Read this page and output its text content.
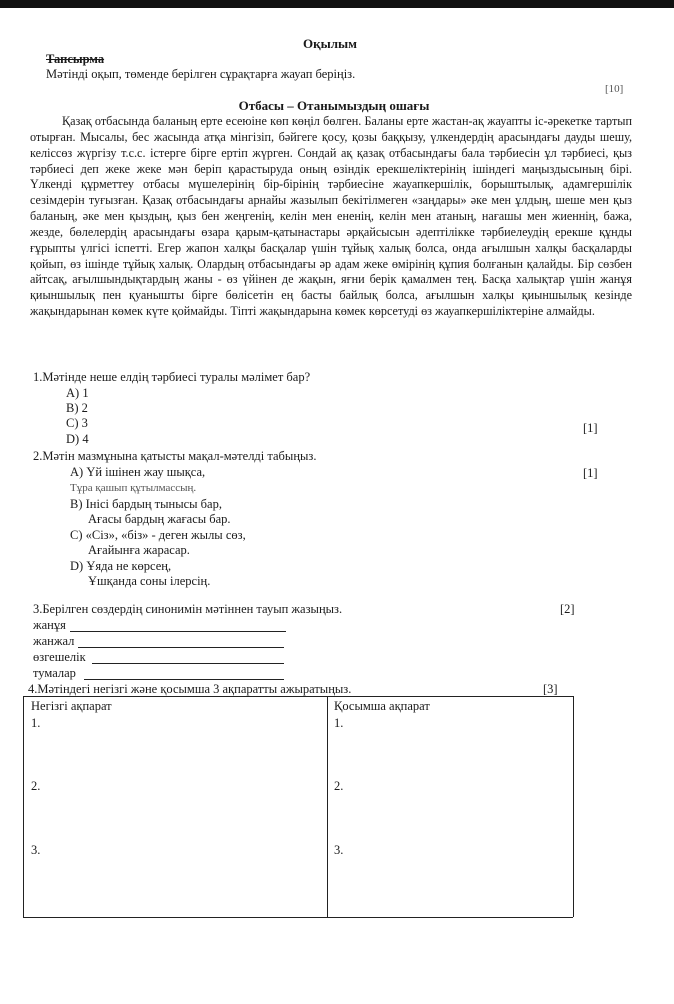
Оқылым
Тапсырма
Мәтінді оқып, төменде берілген сұрақтарға жауап беріңіз.
[10]
Отбасы – Отанымыздың ошағы
Қазақ отбасында баланың ерте есеюіне көп көңіл бөлген. Баланы ерте жастан-ақ жауапты іс-әрекетке тартып отырған. Мысалы, бес жасында атқа мінгізіп, бәйгеге қосу, қозы баққызу, үлкендердің арасындағы дауды шешу, келіссөз жүргізу т.с.с. істерге бірге ертіп жүрген. Сондай ақ қазақ отбасындағы бала тәрбиесін ұл тәрбиесі, қыз тәрбиесі деп жеке жеке мән беріп қарастыруда оның өзіндік ерекшеліктерінің ішіндегі маңыздысының бірі. Үлкенді құрметтеу отбасы мүшелерінің бір-бірінің тәрбиесіне жауапкершілік, борыштылық, адамгершілік сезімдерін туғызған. Қазақ отбасындағы арнайы жазылып бекітілмеген «заңдары» әке мен ұлдың, шеше мен қыз баланың, әке мен қыздың, қыз бен жеңгенің, келін мен ененің, келін мен атаның, нағашы мен жиеннің, бажа, жезде, бөлелердің арасындағы өзара қарым-қатынастары әрқайсысын әдептілікке тәрбиелеудің ерекше құнды ғұрыпты үлгісі іспетті. Егер жапон халқы басқалар үшін тұйық халық болса, онда ағылшын халқы басқаларды қойып, өз ішінде тұйық халық. Олардың отбасындағы әр адам жеке өмірінің құпия болғанын қалайды. Бір сөзбен айтсақ, ағылшындықтардың жаны - өз үйінен де жақын, яғни берік қамалмен тең. Басқа халықтар үшін жанұя қиыншылық пен қуанышты бірге бөлісетін ең басты байлық болса, ағылшын халқы қиыншылық кезінде жақындарынан көмек күте қоймайды. Тіпті жақындарына көмек көрсетуді өз жауапкершіліктеріне алмайды.
1.Мәтінде неше елдің тәрбиесі туралы мәлімет бар?
А) 1
В) 2
С) 3
D) 4
[1]
2.Мәтін мазмұнына қатысты мақал-мәтелді табыңыз.
[1]
А) Үй ішінен жау шықса,
Тұра қашып құтылмассың.
В) Інісі бардың тынысы бар,
Ағасы бардың жағасы бар.
С) «Сіз», «біз» - деген жылы сөз,
Ағайынға жарасар.
D) Ұяда не көрсең,
Ұшқанда соны ілерсің.
3.Берілген сөздердің синонимін мәтіннен тауып жазыңыз.	[2]
жанұя
жанжал
өзгешелік
тумалар
4.Мәтіндегі негізгі және қосымша 3 ақпаратты ажыратыңыз.	[3]
Негізгі ақпарат	Қосымша ақпарат
1.	1.
2.	2.
3.	3.
